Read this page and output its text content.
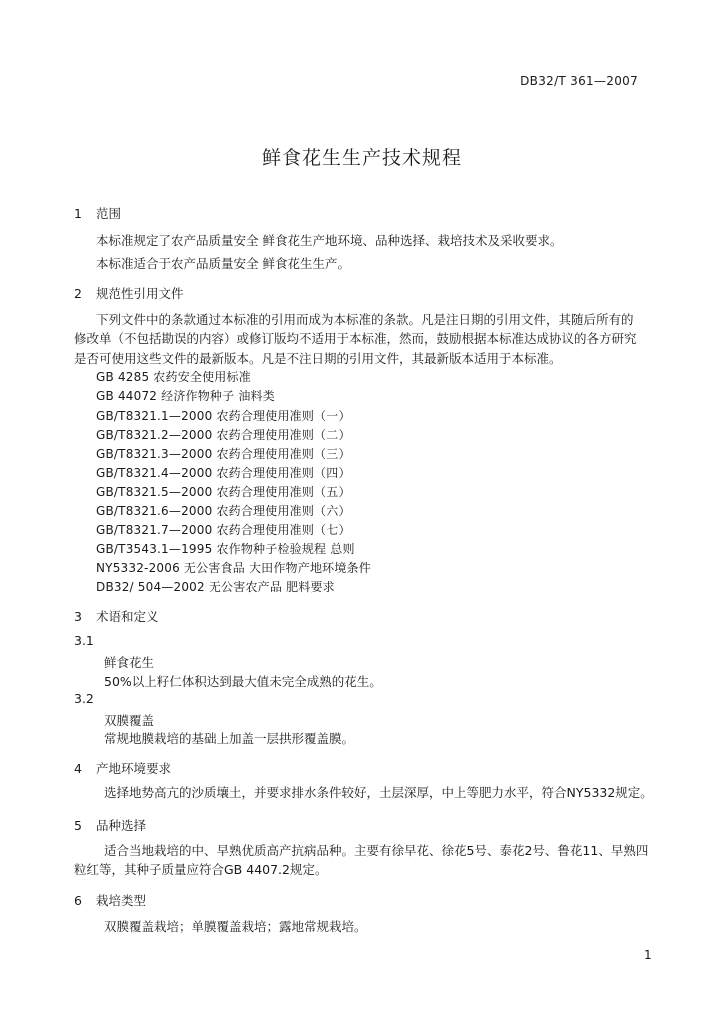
DB32/T 361—2007
鲜食花生生产技术规程
1 范围
本标准规定了农产品质量安全 鲜食花生产地环境、品种选择、栽培技术及采收要求。
本标准适合于农产品质量安全 鲜食花生生产。
2 规范性引用文件
下列文件中的条款通过本标准的引用而成为本标准的条款。凡是注日期的引用文件，其随后所有的
修改单（不包括勘误的内容）或修订版均不适用于本标准，然而，鼓励根据本标准达成协议的各方研究
是否可使用这些文件的最新版本。凡是不注日期的引用文件，其最新版本适用于本标准。
GB 4285 农药安全使用标准
GB 44072 经济作物种子 油料类
GB/T8321.1—2000 农药合理使用准则（一）
GB/T8321.2—2000 农药合理使用准则（二）
GB/T8321.3—2000 农药合理使用准则（三）
GB/T8321.4—2000 农药合理使用准则（四）
GB/T8321.5—2000 农药合理使用准则（五）
GB/T8321.6—2000 农药合理使用准则（六）
GB/T8321.7—2000 农药合理使用准则（七）
GB/T3543.1—1995 农作物种子检验规程 总则
NY5332-2006 无公害食品 大田作物产地环境条件
DB32/ 504—2002 无公害农产品 肥料要求
3 术语和定义
3.1
鲜食花生
50%以上籽仁体积达到最大值未完全成熟的花生。
3.2
双膜覆盖
常规地膜栽培的基础上加盖一层拱形覆盖膜。
4 产地环境要求
选择地势高亢的沙质壤土，并要求排水条件较好，土层深厚，中上等肥力水平，符合NY5332规定。
5 品种选择
适合当地栽培的中、早熟优质高产抗病品种。主要有徐早花、徐花5号、泰花2号、鲁花11、早熟四
粒红等，其种子质量应符合GB 4407.2规定。
6 栽培类型
双膜覆盖栽培；单膜覆盖栽培；露地常规栽培。
1
